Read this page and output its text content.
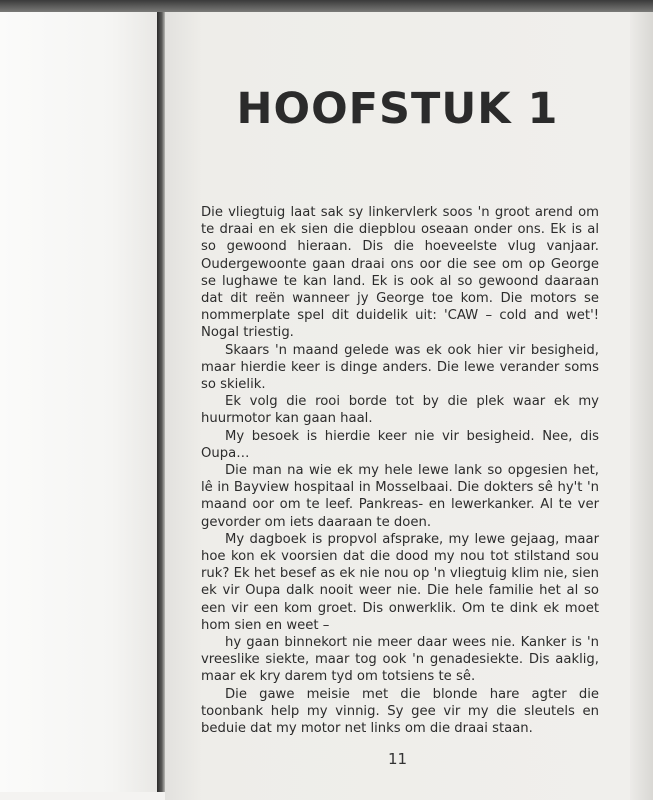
HOOFSTUK 1

Die vliegtuig laat sak sy linkervlerk soos 'n groot arend om te draai en ek sien die diepblou oseaan onder ons. Ek is al so gewoond hieraan. Dis die hoeveelste vlug vanjaar. Oudergewoonte gaan draai ons oor die see om op George se lughawe te kan land. Ek is ook al so gewoond daaraan dat dit reën wanneer jy George toe kom. Die motors se nommerplate spel dit duidelik uit: 'CAW – cold and wet'! Nogal triestig.

Skaars 'n maand gelede was ek ook hier vir besigheid, maar hierdie keer is dinge anders. Die lewe verander soms so skielik.

Ek volg die rooi borde tot by die plek waar ek my huurmotor kan gaan haal.

My besoek is hierdie keer nie vir besigheid. Nee, dis Oupa…

Die man na wie ek my hele lewe lank so opgesien het, lê in Bayview hospitaal in Mosselbaai. Die dokters sê hy't 'n maand oor om te leef. Pankreas- en lewerkanker. Al te ver gevorder om iets daaraan te doen.

My dagboek is propvol afsprake, my lewe gejaag, maar hoe kon ek voorsien dat die dood my nou tot stilstand sou ruk? Ek het besef as ek nie nou op 'n vliegtuig klim nie, sien ek vir Oupa dalk nooit weer nie. Die hele familie het al so een vir een kom groet. Dis onwerklik. Om te dink ek moet hom sien en weet –

hy gaan binnekort nie meer daar wees nie. Kanker is 'n vreeslike siekte, maar tog ook 'n genadesiekte. Dis aaklig, maar ek kry darem tyd om totsiens te sê.

Die gawe meisie met die blonde hare agter die toonbank help my vinnig. Sy gee vir my die sleutels en beduie dat my motor net links om die draai staan.

11
